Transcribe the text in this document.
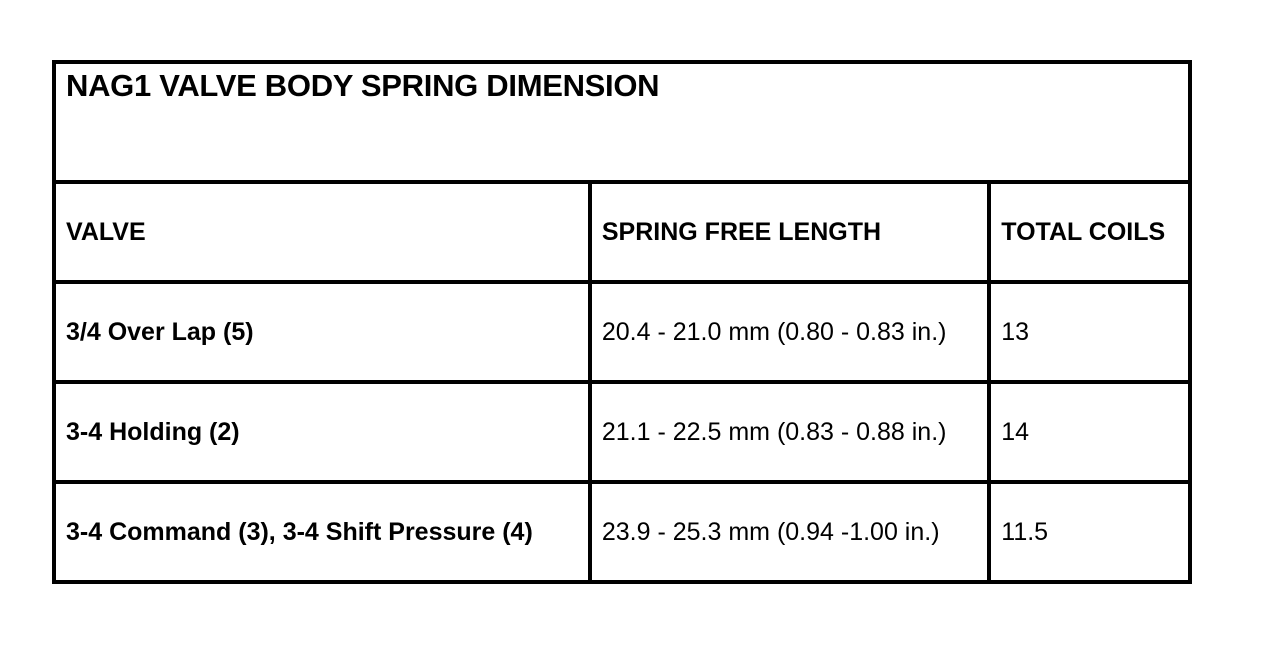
NAG1 VALVE BODY SPRING DIMENSION		
VALVE	SPRING FREE LENGTH	TOTAL COILS
3/4 Over Lap (5)	20.4 - 21.0 mm (0.80 - 0.83 in.)	13
3-4 Holding (2)	21.1 - 22.5 mm (0.83 - 0.88 in.)	14
3-4 Command (3), 3-4 Shift Pressure (4)	23.9 - 25.3 mm (0.94 -1.00 in.)	11.5
